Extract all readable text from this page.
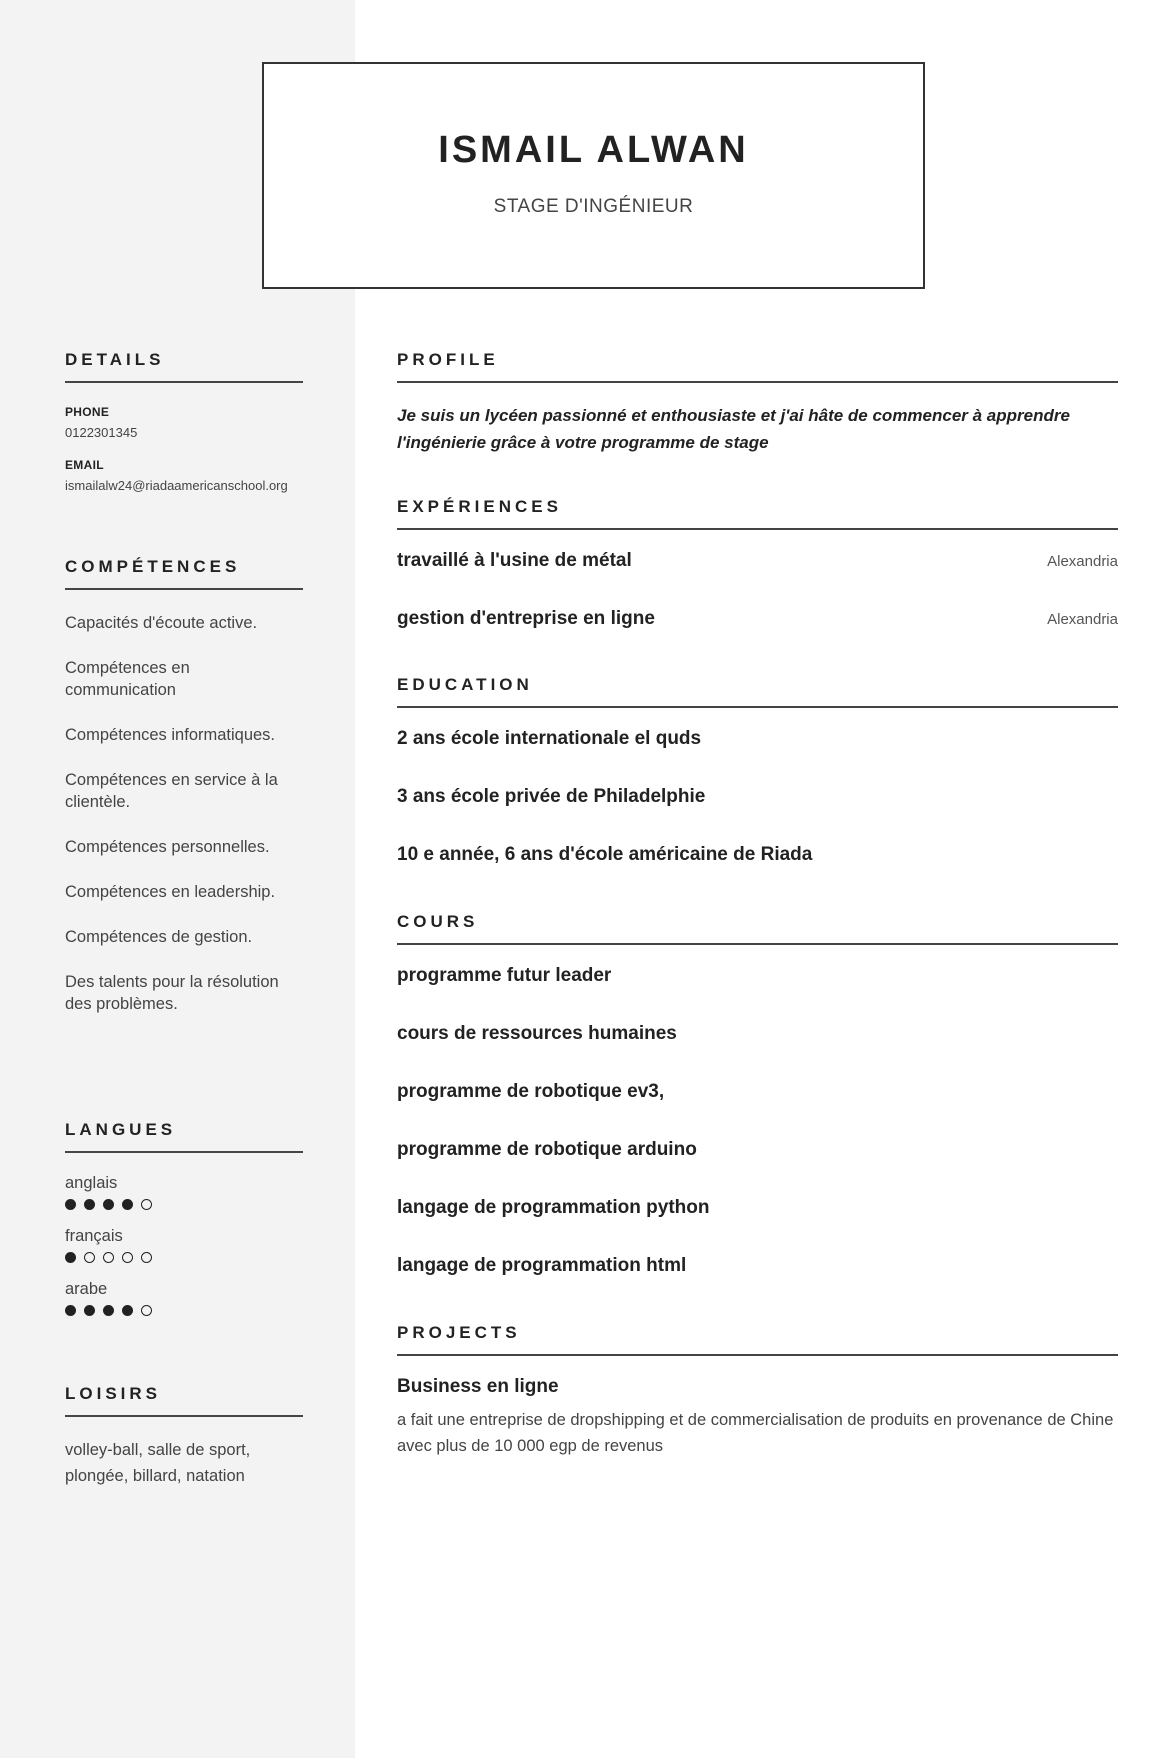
ISMAIL ALWAN
STAGE D'INGÉNIEUR
DETAILS
PHONE
0122301345
EMAIL
ismailalw24@riadaamericanschool.org
COMPÉTENCES
Capacités d'écoute active.
Compétences en communication
Compétences informatiques.
Compétences en service à la clientèle.
Compétences personnelles.
Compétences en leadership.
Compétences de gestion.
Des talents pour la résolution des problèmes.
LANGUES
anglais
français
arabe
LOISIRS
volley-ball, salle de sport, plongée, billard, natation
PROFILE
Je suis un lycéen passionné et enthousiaste et j'ai hâte de commencer à apprendre l'ingénierie grâce à votre programme de stage
EXPÉRIENCES
travaillé à l'usine de métal	Alexandria
gestion d'entreprise en ligne	Alexandria
EDUCATION
2 ans école internationale el quds
3 ans école privée de Philadelphie
10 e année, 6 ans d'école américaine de Riada
COURS
programme futur leader
cours de ressources humaines
programme de robotique ev3,
programme de robotique arduino
langage de programmation python
langage de programmation html
PROJECTS
Business en ligne
a fait une entreprise de dropshipping et de commercialisation de produits en provenance de Chine avec plus de 10 000 egp de revenus
